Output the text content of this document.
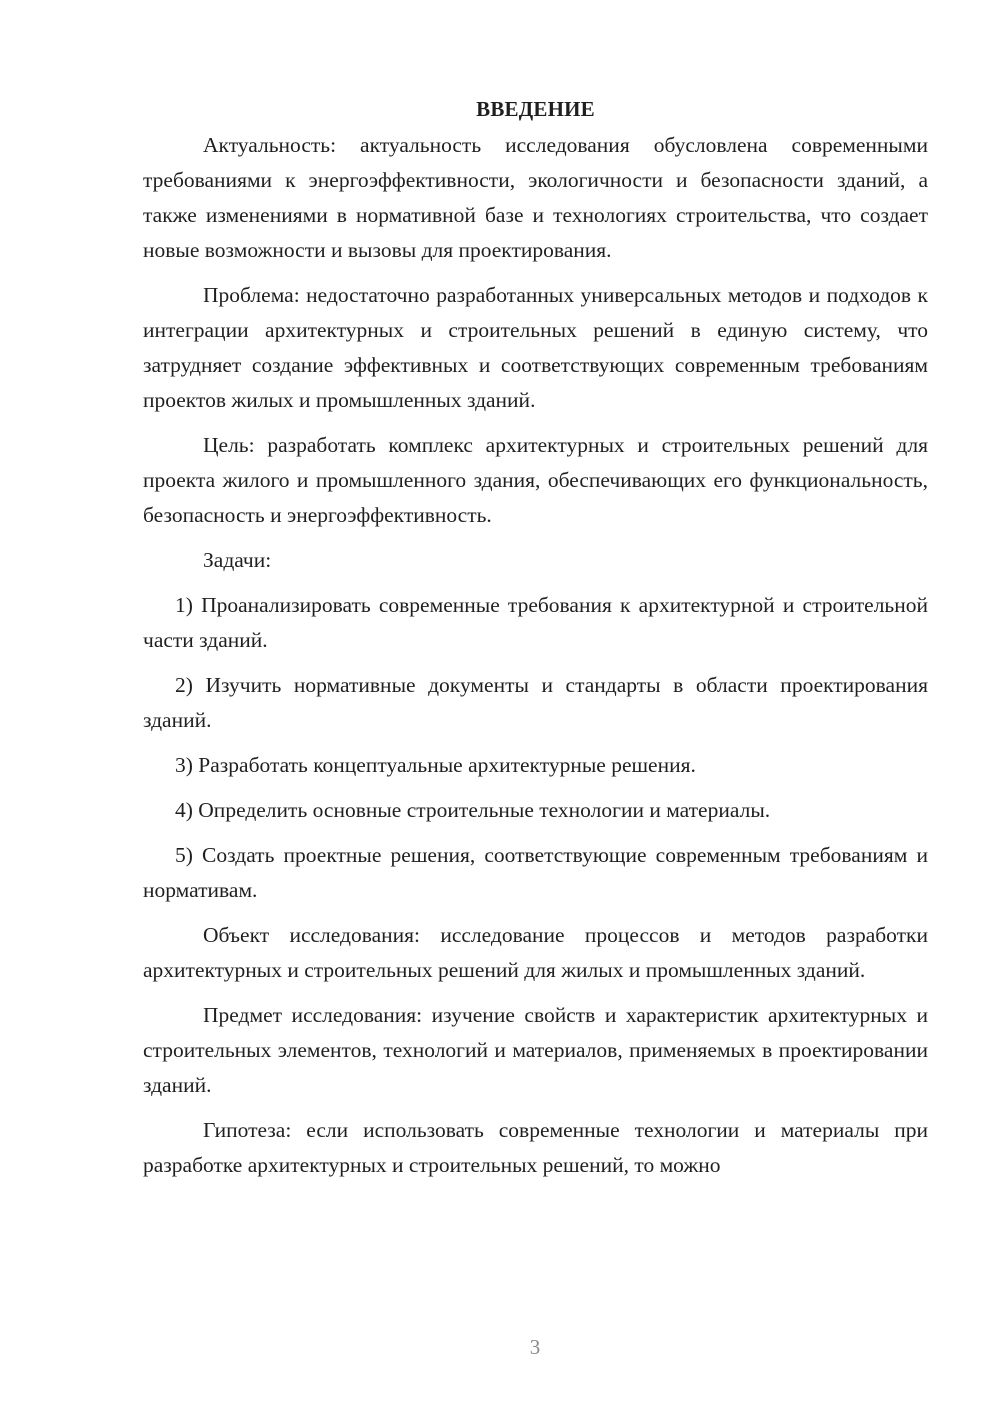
ВВЕДЕНИЕ

Актуальность: актуальность исследования обусловлена современными требованиями к энергоэффективности, экологичности и безопасности зданий, а также изменениями в нормативной базе и технологиях строительства, что создает новые возможности и вызовы для проектирования.

Проблема: недостаточно разработанных универсальных методов и подходов к интеграции архитектурных и строительных решений в единую систему, что затрудняет создание эффективных и соответствующих современным требованиям проектов жилых и промышленных зданий.

Цель: разработать комплекс архитектурных и строительных решений для проекта жилого и промышленного здания, обеспечивающих его функциональность, безопасность и энергоэффективность.

Задачи:

1) Проанализировать современные требования к архитектурной и строительной части зданий.

2) Изучить нормативные документы и стандарты в области проектирования зданий.

3) Разработать концептуальные архитектурные решения.

4) Определить основные строительные технологии и материалы.

5) Создать проектные решения, соответствующие современным требованиям и нормативам.

Объект исследования: исследование процессов и методов разработки архитектурных и строительных решений для жилых и промышленных зданий.

Предмет исследования: изучение свойств и характеристик архитектурных и строительных элементов, технологий и материалов, применяемых в проектировании зданий.

Гипотеза: если использовать современные технологии и материалы при разработке архитектурных и строительных решений, то можно

3
